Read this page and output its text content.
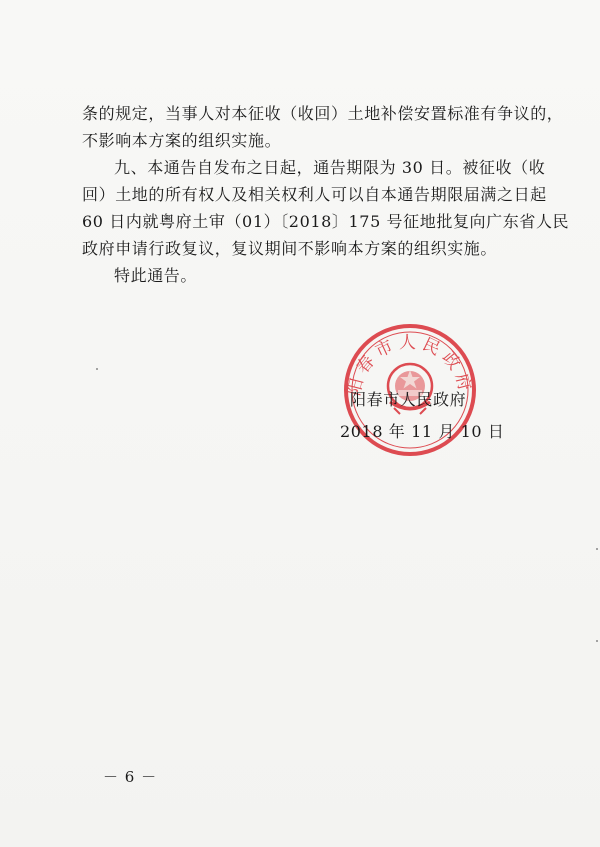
条的规定，当事人对本征收（收回）土地补偿安置标准有争议的，
不影响本方案的组织实施。

九、本通告自发布之日起，通告期限为 30 日。被征收（收
回）土地的所有权人及相关权利人可以自本通告期限届满之日起
60 日内就粤府土审（01）〔2018〕175 号征地批复向广东省人民
政府申请行政复议，复议期间不影响本方案的组织实施。

特此通告。

阳春市人民政府
阳春市人民政府
2018 年 11 月 10 日
－ 6 －
